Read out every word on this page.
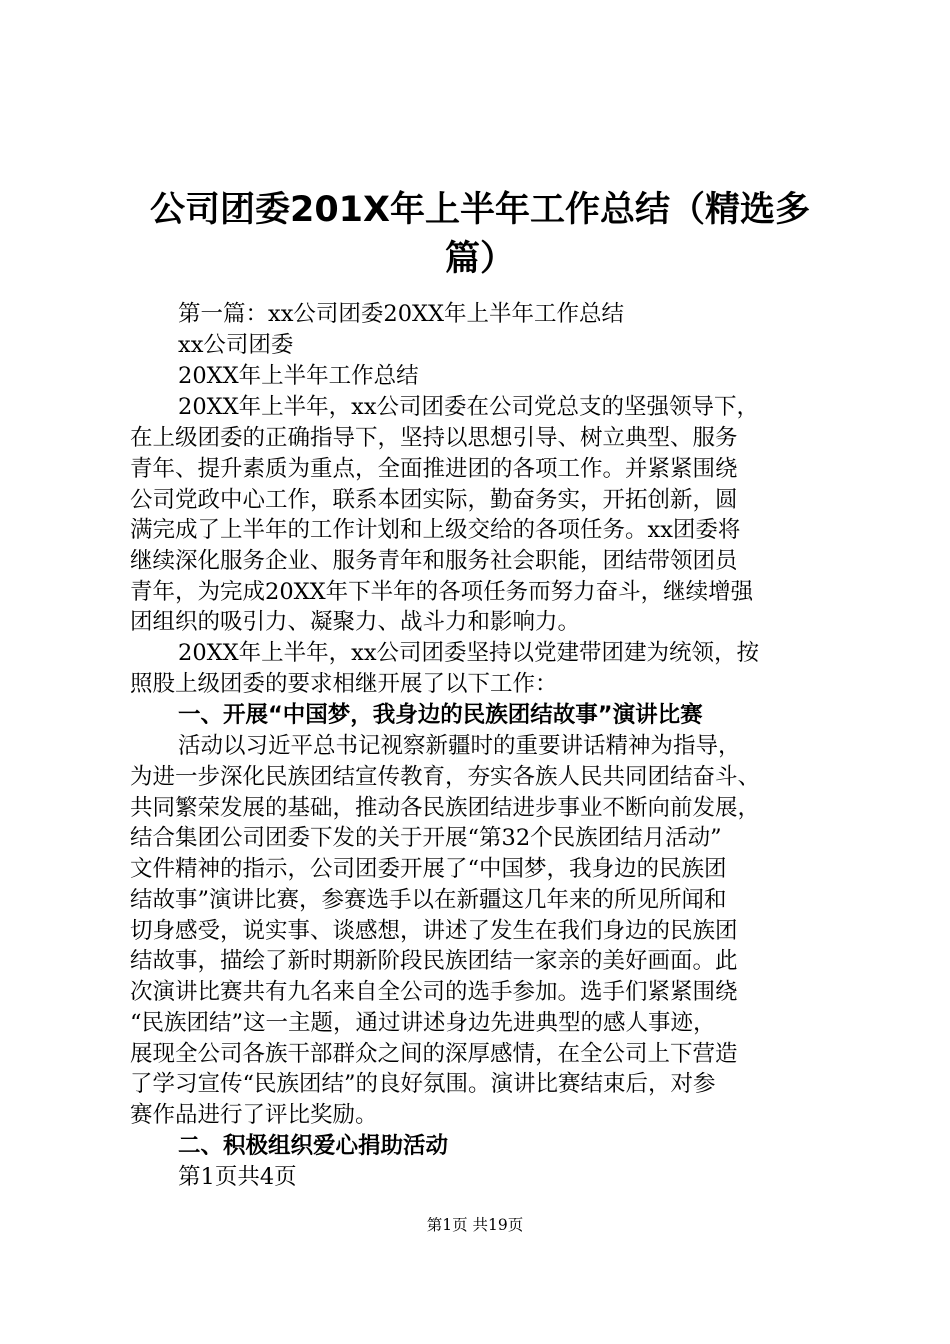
公司团委201X年上半年工作总结（精选多
篇）

第一篇：xx公司团委20XX年上半年工作总结

xx公司团委

20XX年上半年工作总结

20XX年上半年，xx公司团委在公司党总支的坚强领导下，

在上级团委的正确指导下，坚持以思想引导、树立典型、服务

青年、提升素质为重点，全面推进团的各项工作。并紧紧围绕

公司党政中心工作，联系本团实际，勤奋务实，开拓创新，圆

满完成了上半年的工作计划和上级交给的各项任务。xx团委将

继续深化服务企业、服务青年和服务社会职能，团结带领团员

青年，为完成20XX年下半年的各项任务而努力奋斗，继续增强

团组织的吸引力、凝聚力、战斗力和影响力。

20XX年上半年，xx公司团委坚持以党建带团建为统领，按

照股上级团委的要求相继开展了以下工作：

一、开展“中国梦，我身边的民族团结故事”演讲比赛

活动以习近平总书记视察新疆时的重要讲话精神为指导，

为进一步深化民族团结宣传教育，夯实各族人民共同团结奋斗、

共同繁荣发展的基础，推动各民族团结进步事业不断向前发展，

结合集团公司团委下发的关于开展“第32个民族团结月活动”

文件精神的指示，公司团委开展了“中国梦，我身边的民族团

结故事”演讲比赛，参赛选手以在新疆这几年来的所见所闻和

切身感受，说实事、谈感想，讲述了发生在我们身边的民族团

结故事，描绘了新时期新阶段民族团结一家亲的美好画面。此

次演讲比赛共有九名来自全公司的选手参加。选手们紧紧围绕

“民族团结”这一主题，通过讲述身边先进典型的感人事迹，

展现全公司各族干部群众之间的深厚感情，在全公司上下营造

了学习宣传“民族团结”的良好氛围。演讲比赛结束后，对参

赛作品进行了评比奖励。

二、积极组织爱心捐助活动

第1页共4页

第1页 共19页
